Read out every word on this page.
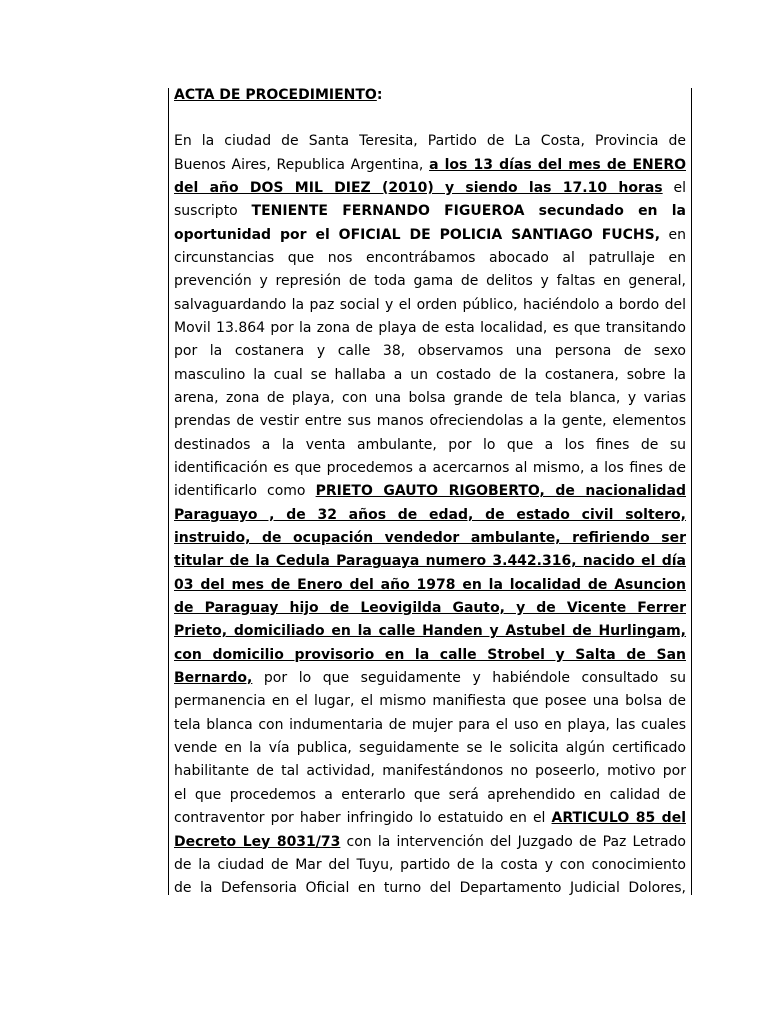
ACTA DE PROCEDIMIENTO:
En la ciudad de Santa Teresita, Partido de La Costa, Provincia de
Buenos Aires, Republica Argentina, a los 13 días del mes de ENERO
del año DOS MIL DIEZ (2010) y siendo las 17.10 horas el
suscripto TENIENTE FERNANDO FIGUEROA secundado en la
oportunidad por el OFICIAL DE POLICIA SANTIAGO FUCHS, en
circunstancias que nos encontrábamos abocado al patrullaje en
prevención y represión de toda gama de delitos y faltas en general,
salvaguardando la paz social y el orden público, haciéndolo a bordo del
Movil 13.864 por la zona de playa de esta localidad, es que transitando
por la costanera y calle 38, observamos una persona de sexo
masculino la cual se hallaba a un costado de la costanera, sobre la
arena, zona de playa, con una bolsa grande de tela blanca, y varias
prendas de vestir entre sus manos ofreciendolas a la gente, elementos
destinados a la venta ambulante, por lo que a los fines de su
identificación es que procedemos a acercarnos al mismo, a los fines de
identificarlo como PRIETO GAUTO RIGOBERTO, de nacionalidad
Paraguayo , de 32 años de edad, de estado civil soltero,
instruido, de ocupación vendedor ambulante, refiriendo ser
titular de la Cedula Paraguaya numero 3.442.316, nacido el día
03 del mes de Enero del año 1978 en la localidad de Asuncion
de Paraguay hijo de Leovigilda Gauto, y de Vicente Ferrer
Prieto, domiciliado en la calle Handen y Astubel de Hurlingam,
con domicilio provisorio en la calle Strobel y Salta de San
Bernardo, por lo que seguidamente y habiéndole consultado su
permanencia en el lugar, el mismo manifiesta que posee una bolsa de
tela blanca con indumentaria de mujer para el uso en playa, las cuales
vende en la vía publica, seguidamente se le solicita algún certificado
habilitante de tal actividad, manifestándonos no poseerlo, motivo por
el que procedemos a enterarlo que será aprehendido en calidad de
contraventor por haber infringido lo estatuido en el ARTICULO 85 del
Decreto Ley 8031/73 con la intervención del Juzgado de Paz Letrado
de la ciudad de Mar del Tuyu, partido de la costa y con conocimiento
de la Defensoria Oficial en turno del Departamento Judicial Dolores,
